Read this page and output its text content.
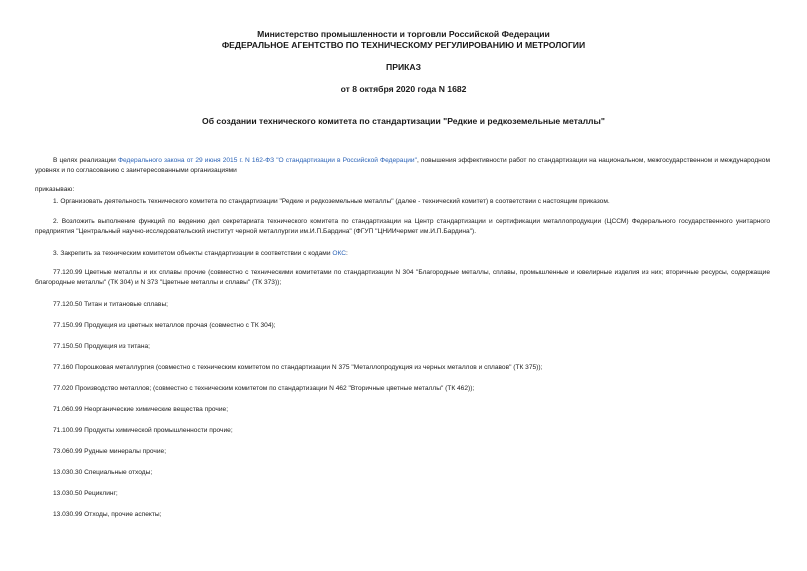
Министерство промышленности и торговли Российской Федерации
ФЕДЕРАЛЬНОЕ АГЕНТСТВО ПО ТЕХНИЧЕСКОМУ РЕГУЛИРОВАНИЮ И МЕТРОЛОГИИ
ПРИКАЗ
от 8 октября 2020 года N 1682
Об создании технического комитета по стандартизации "Редкие и редкоземельные металлы"
В целях реализации Федерального закона от 29 июня 2015 г. N 162-ФЗ "О стандартизации в Российской Федерации", повышения эффективности работ по стандартизации на национальном, межгосударственном и международном уровнях и по согласованию с заинтересованными организациями
приказываю:
1. Организовать деятельность технического комитета по стандартизации "Редкие и редкоземельные металлы" (далее - технический комитет) в соответствии с настоящим приказом.
2. Возложить выполнение функций по ведению дел секретариата технического комитета по стандартизации на Центр стандартизации и сертификации металлопродукции (ЦССМ) Федерального государственного унитарного предприятия "Центральный научно-исследовательский институт черной металлургии им.И.П.Бардина" (ФГУП "ЦНИИчермет им.И.П.Бардина").
3. Закрепить за техническим комитетом объекты стандартизации в соответствии с кодами ОКС:
77.120.99 Цветные металлы и их сплавы прочие (совместно с техническими комитетами по стандартизации N 304 "Благородные металлы, сплавы, промышленные и ювелирные изделия из них; вторичные ресурсы, содержащие благородные металлы" (ТК 304) и N 373 "Цветные металлы и сплавы" (ТК 373));
77.120.50 Титан и титановые сплавы;
77.150.99 Продукция из цветных металлов прочая (совместно с ТК 304);
77.150.50 Продукция из титана;
77.160 Порошковая металлургия (совместно с техническим комитетом по стандартизации N 375 "Металлопродукция из черных металлов и сплавов" (ТК 375));
77.020 Производство металлов; (совместно с техническим комитетом по стандартизации N 462 "Вторичные цветные металлы" (ТК 462));
71.060.99 Неорганические химические вещества прочие;
71.100.99 Продукты химической промышленности прочие;
73.060.99 Рудные минералы прочие;
13.030.30 Специальные отходы;
13.030.50 Рециклинг;
13.030.99 Отходы, прочие аспекты;
